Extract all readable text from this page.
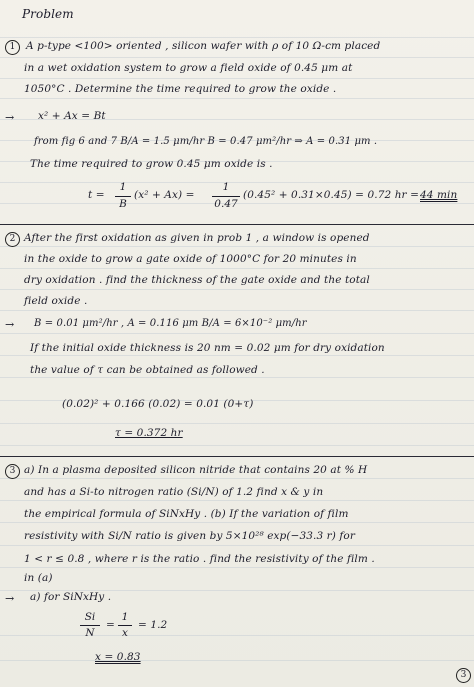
Problem
1	A p-type <100> oriented , silicon wafer with ρ of 10 Ω-cm placed
in a wet oxidation system to grow a field oxide of 0.45 μm at
1050°C . Determine the time required to grow the oxide .
→ x² + Ax = Bt
from fig 6 and 7 B/A = 1.5 μm/hr B = 0.47 μm²/hr ⇒ A = 0.31 μm .
The time required to grow 0.45 μm oxide is .
t =
1
B
(x² + Ax) =
1
0.47
(0.45² + 0.31×0.45) = 0.72 hr = 44 min
2 After the first oxidation as given in prob 1 , a window is opened
in the oxide to grow a gate oxide of 1000°C for 20 minutes in
dry oxidation . find the thickness of the gate oxide and the total
field oxide .
→ B = 0.01 μm²/hr , A = 0.116 μm B/A = 6×10⁻² μm/hr
If the initial oxide thickness is 20 nm = 0.02 μm for dry oxidation
the value of τ can be obtained as followed .
(0.02)² + 0.166 (0.02) = 0.01 (0+τ)
τ = 0.372 hr
3 a) In a plasma deposited silicon nitride that contains 20 at % H
and has a Si-to nitrogen ratio (Si/N) of 1.2 find x & y in
the empirical formula of SiNxHy . (b) If the variation of film
resistivity with Si/N ratio is given by 5×10²⁸ exp(−33.3 r) for
1 < r ≤ 0.8 , where r is the ratio . find the resistivity of the film .
in (a)
→ a) for SiNxHy .
Si
N
=
1
x
= 1.2
x = 0.83
3
